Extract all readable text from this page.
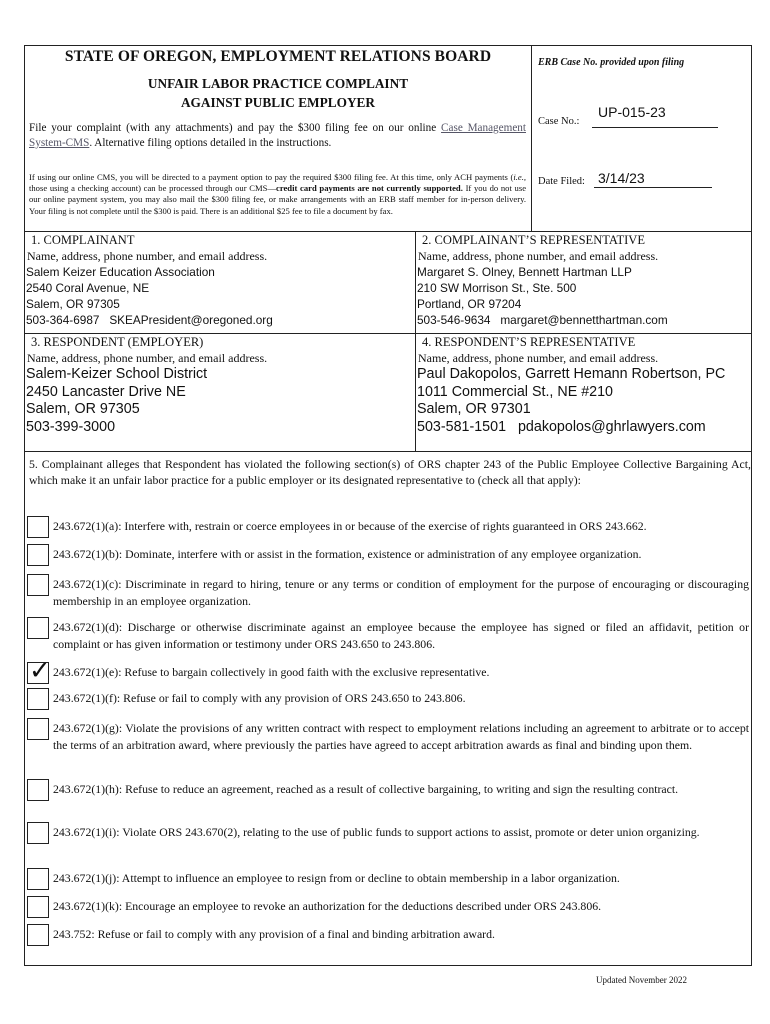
STATE OF OREGON, EMPLOYMENT RELATIONS BOARD
UNFAIR LABOR PRACTICE COMPLAINT
AGAINST PUBLIC EMPLOYER
File your complaint (with any attachments) and pay the $300 filing fee on our online Case Management System-CMS. Alternative filing options detailed in the instructions.
If using our online CMS, you will be directed to a payment option to pay the required $300 filing fee. At this time, only ACH payments (i.e., those using a checking account) can be processed through our CMS—credit card payments are not currently supported. If you do not use our online payment system, you may also mail the $300 filing fee, or make arrangements with an ERB staff member for in-person delivery. Your filing is not complete until the $300 is paid. There is an additional $25 fee to file a document by fax.
ERB Case No. provided upon filing
Case No.:
UP-015-23
Date Filed: 3/14/23
1. COMPLAINANT
Name, address, phone number, and email address.
Salem Keizer Education Association
2540 Coral Avenue, NE
Salem, OR 97305
503-364-6987 SKEAPresident@oregoned.org
2. COMPLAINANT’S REPRESENTATIVE
Name, address, phone number, and email address.
Margaret S. Olney, Bennett Hartman LLP
210 SW Morrison St., Ste. 500
Portland, OR 97204
503-546-9634 margaret@bennetthartman.com
3. RESPONDENT (EMPLOYER)
Name, address, phone number, and email address.
Salem-Keizer School District
2450 Lancaster Drive NE
Salem, OR 97305
503-399-3000
4. RESPONDENT’S REPRESENTATIVE
Name, address, phone number, and email address.
Paul Dakopolos, Garrett Hemann Robertson, PC
1011 Commercial St., NE #210
Salem, OR 97301
503-581-1501 pdakopolos@ghrlawyers.com
5. Complainant alleges that Respondent has violated the following section(s) of ORS chapter 243 of the Public Employee Collective Bargaining Act, which make it an unfair labor practice for a public employer or its designated representative to (check all that apply):
243.672(1)(a): Interfere with, restrain or coerce employees in or because of the exercise of rights guaranteed in ORS 243.662.
243.672(1)(b): Dominate, interfere with or assist in the formation, existence or administration of any employee organization.
243.672(1)(c): Discriminate in regard to hiring, tenure or any terms or condition of employment for the purpose of encouraging or discouraging membership in an employee organization.
243.672(1)(d): Discharge or otherwise discriminate against an employee because the employee has signed or filed an affidavit, petition or complaint or has given information or testimony under ORS 243.650 to 243.806.
✓ 243.672(1)(e): Refuse to bargain collectively in good faith with the exclusive representative.
243.672(1)(f): Refuse or fail to comply with any provision of ORS 243.650 to 243.806.
243.672(1)(g): Violate the provisions of any written contract with respect to employment relations including an agreement to arbitrate or to accept the terms of an arbitration award, where previously the parties have agreed to accept arbitration awards as final and binding upon them.
243.672(1)(h): Refuse to reduce an agreement, reached as a result of collective bargaining, to writing and sign the resulting contract.
243.672(1)(i): Violate ORS 243.670(2), relating to the use of public funds to support actions to assist, promote or deter union organizing.
243.672(1)(j): Attempt to influence an employee to resign from or decline to obtain membership in a labor organization.
243.672(1)(k): Encourage an employee to revoke an authorization for the deductions described under ORS 243.806.
243.752: Refuse or fail to comply with any provision of a final and binding arbitration award.
Updated November 2022
